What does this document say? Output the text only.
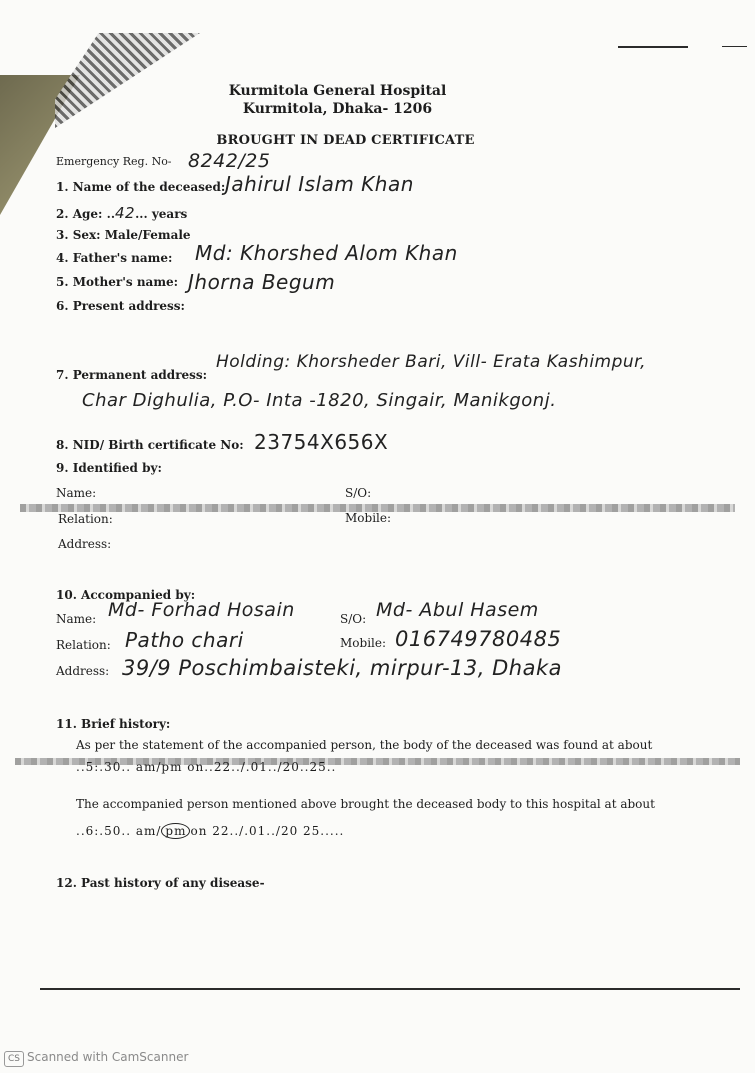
Kurmitola General Hospital
Kurmitola, Dhaka- 1206
BROUGHT IN DEAD CERTIFICATE
Emergency Reg. No- 8242/25
1. Name of the deceased: Jahirul Islam Khan
2. Age: ..42... years
3. Sex: Male/Female
4. Father's name: Md: Khorshed Alom Khan
5. Mother's name: Jhorna Begum
6. Present address:
7. Permanent address:
Holding: Khorsheder Bari, Vill- Erata Kashimpur,
Char Dighulia, P.O- Inta -1820, Singair, Manikgonj.
8. NID/ Birth certificate No: 23754X656X
9. Identified by:
Name:	S/O:
Relation:	Mobile:
Address:
10. Accompanied by:
Name: Md- Forhad Hosain	S/O: Md- Abul Hasem
Relation: Patho chari	Mobile: 016749780485
Address: 39/9 Poschimbaisteki, mirpur-13, Dhaka
11. Brief history:
As per the statement of the accompanied person, the body of the deceased was found at about
..5:.30.. am/pm on..22../.01../20..25..
The accompanied person mentioned above brought the deceased body to this hospital at about
..6:.50.. am/ pm on 22../.01../20 25.....
12. Past history of any disease-
CS Scanned with CamScanner
